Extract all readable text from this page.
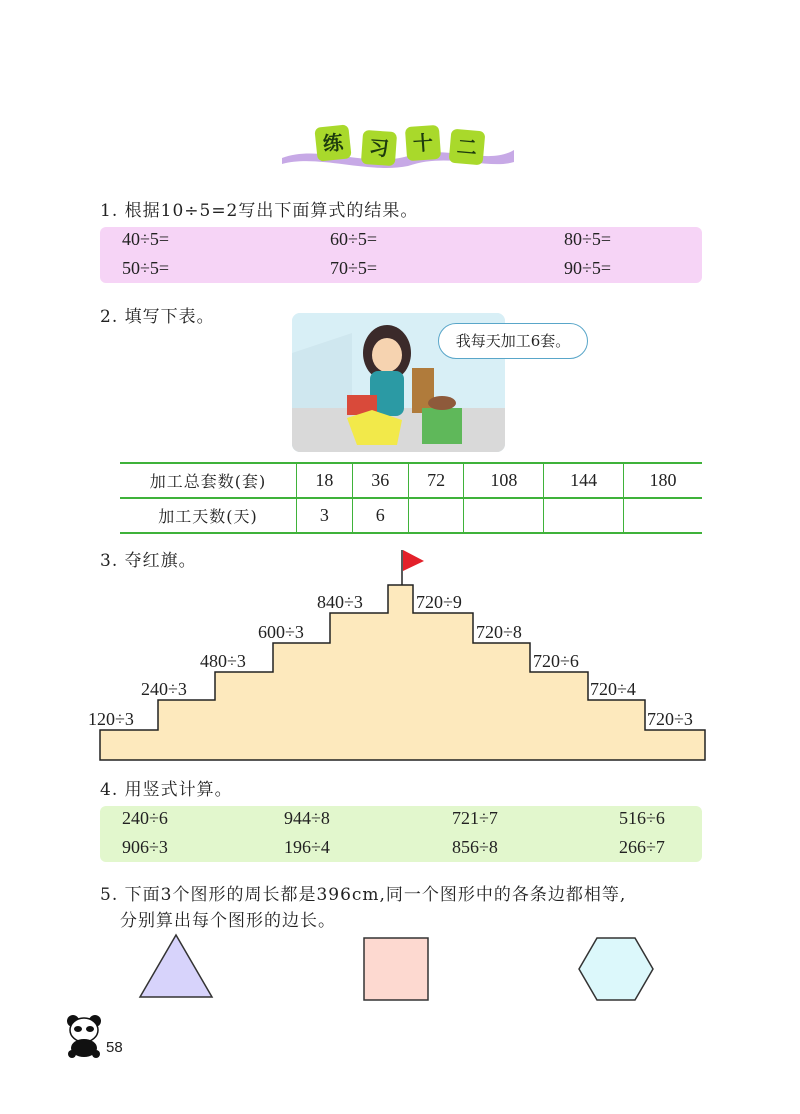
练	习	十	二
1. 根据10÷5=2写出下面算式的结果。
40÷5=	60÷5=	80÷5=
50÷5=	70÷5=	90÷5=
2. 填写下表。
我每天加工6套。
加工总套数(套)	18	36	72	108	144	180
加工天数(天)	3	6				
3. 夺红旗。
120÷3
240÷3
480÷3
600÷3
840÷3	720÷9
720÷8
720÷6
720÷4
720÷3
4. 用竖式计算。
240÷6	944÷8	721÷7	516÷6
906÷3	196÷4	856÷8	266÷7
5. 下面3个图形的周长都是396cm,同一个图形中的各条边都相等,
分别算出每个图形的边长。
58
